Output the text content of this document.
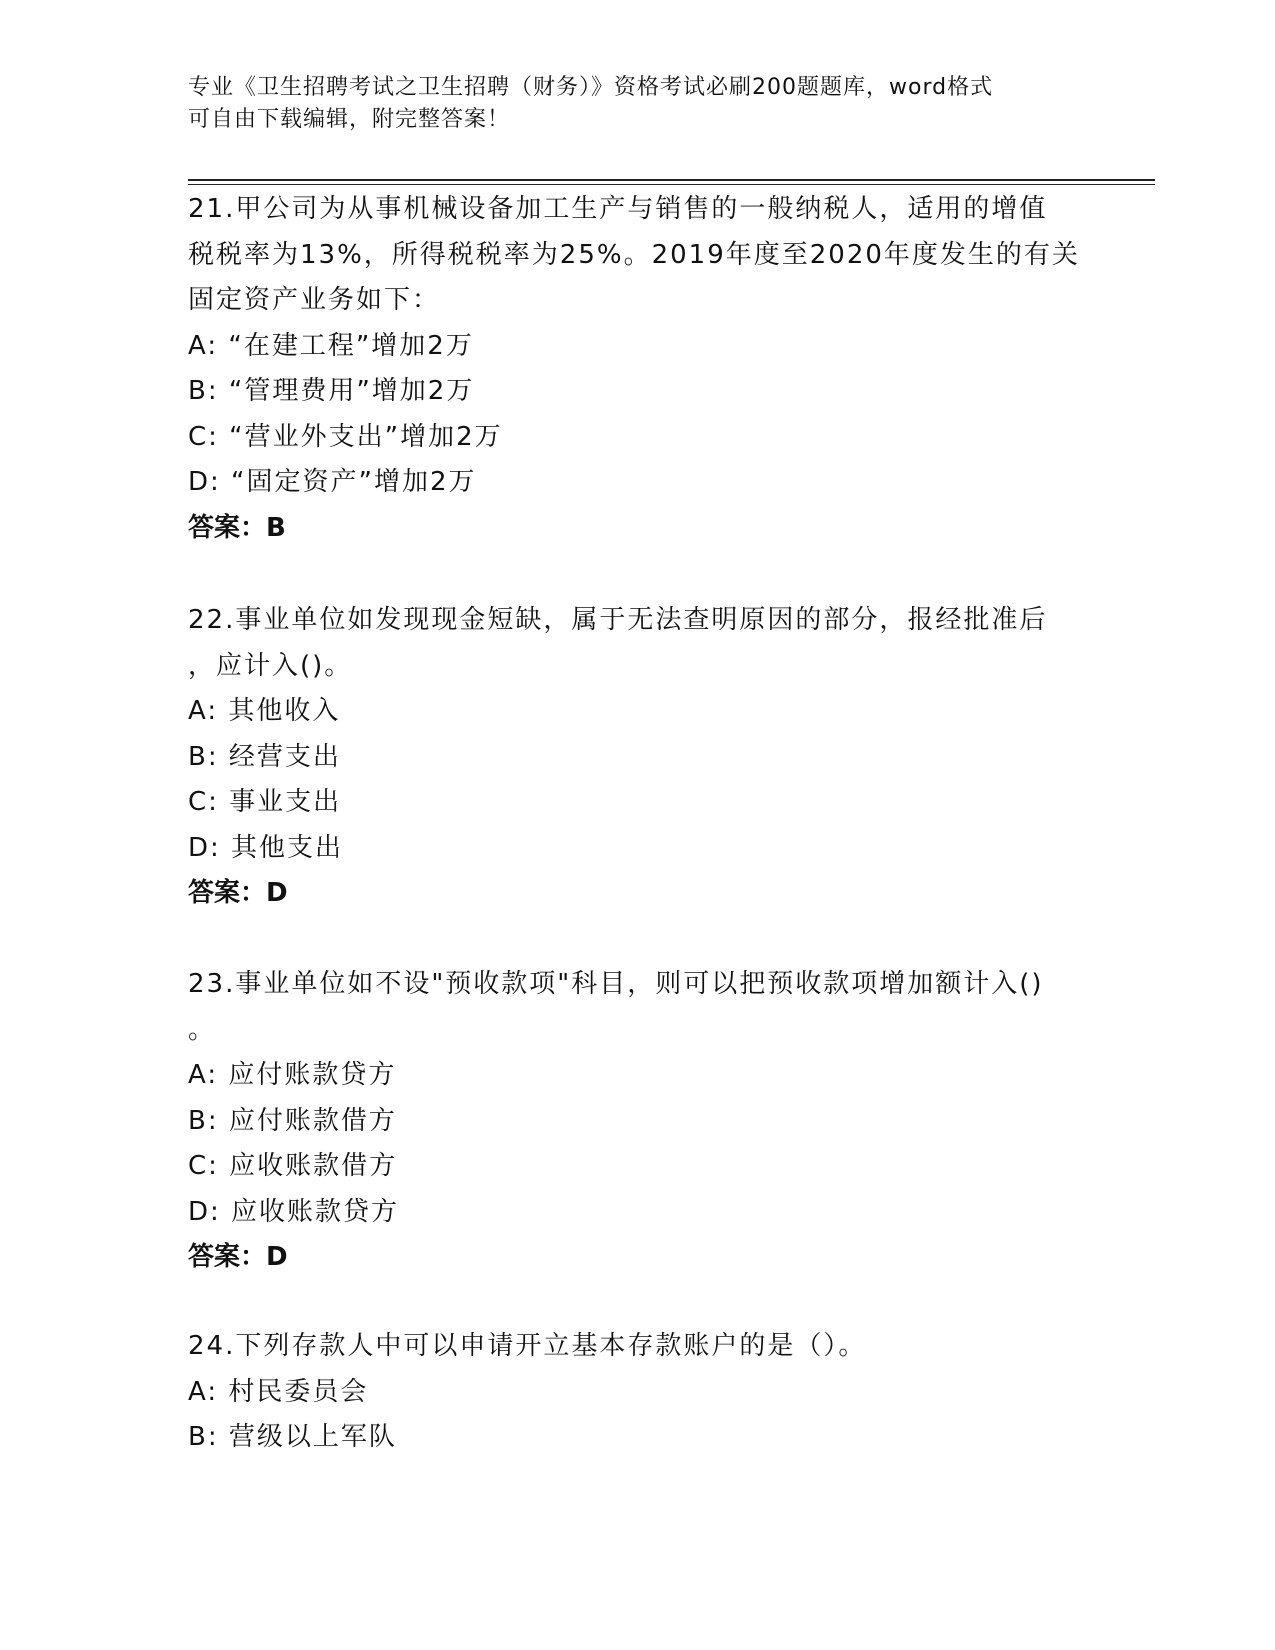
专业《卫生招聘考试之卫生招聘（财务）》资格考试必刷200题题库，word格式
可自由下载编辑，附完整答案！
21.甲公司为从事机械设备加工生产与销售的一般纳税人，适用的增值
税税率为13%，所得税税率为25%。2019年度至2020年度发生的有关
固定资产业务如下：
A: “在建工程”增加2万
B: “管理费用”增加2万
C: “营业外支出”增加2万
D: “固定资产”增加2万
答案：B
22.事业单位如发现现金短缺，属于无法查明原因的部分，报经批准后
，应计入()。
A: 其他收入
B: 经营支出
C: 事业支出
D: 其他支出
答案：D
23.事业单位如不设"预收款项"科目，则可以把预收款项增加额计入()
。
A: 应付账款贷方
B: 应付账款借方
C: 应收账款借方
D: 应收账款贷方
答案：D
24.下列存款人中可以申请开立基本存款账户的是（）。
A: 村民委员会
B: 营级以上军队
